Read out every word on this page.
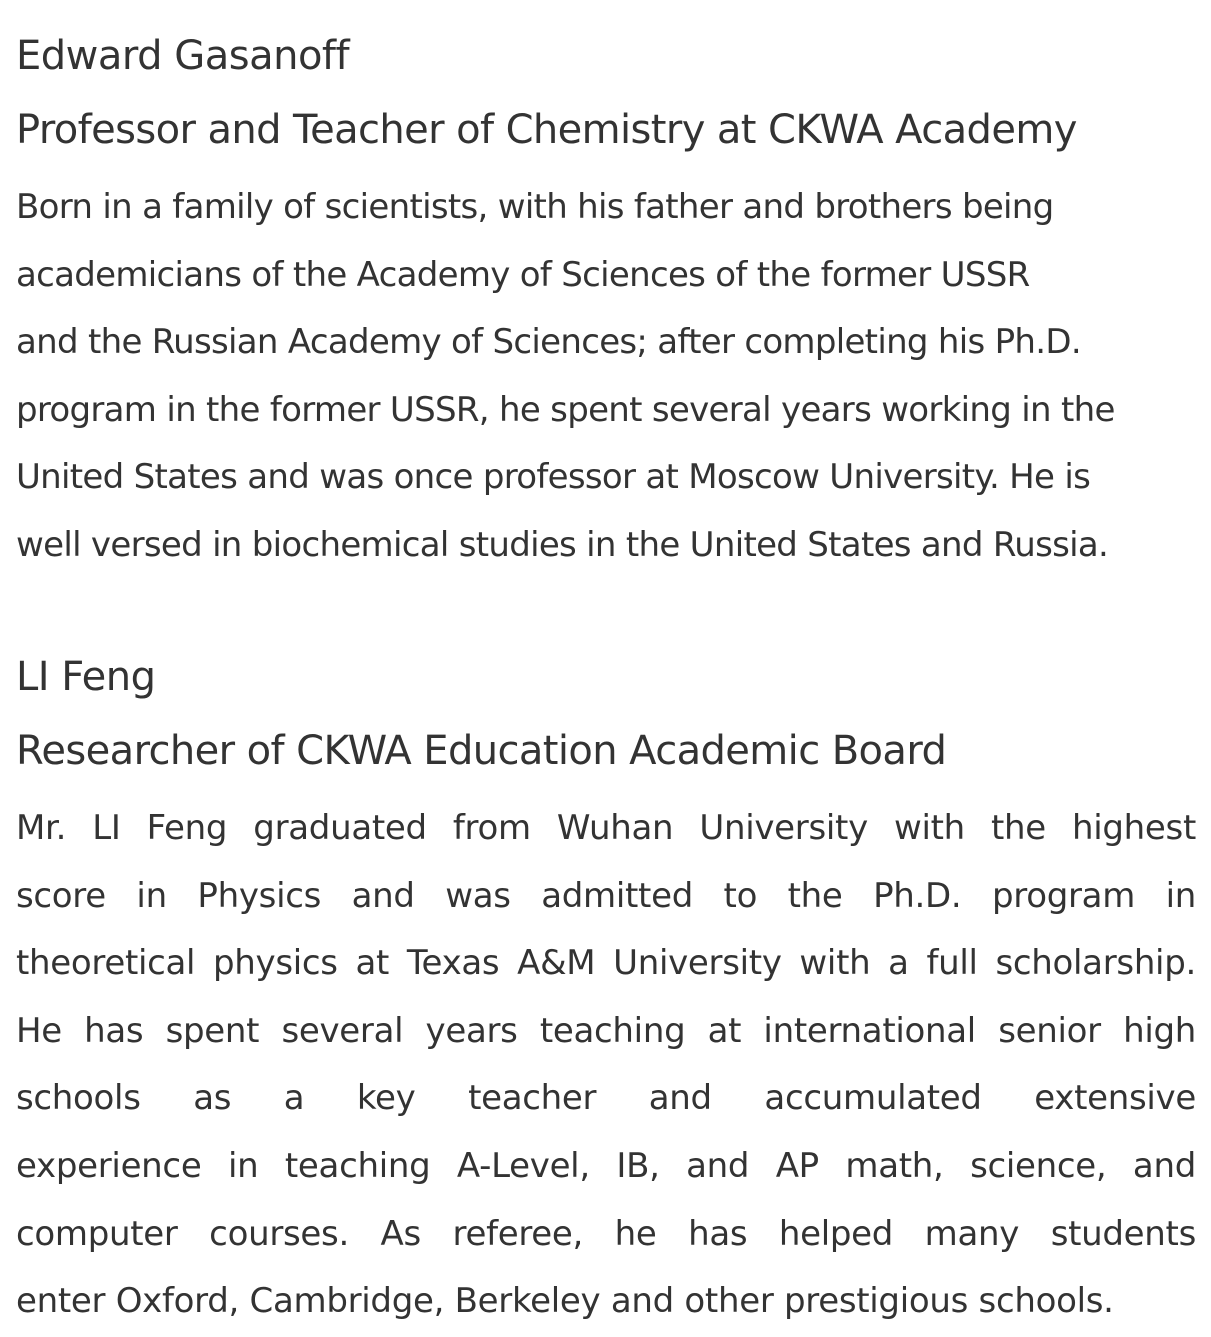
Edward Gasanoff
Professor and Teacher of Chemistry at CKWA Academy
Born in a family of scientists, with his father and brothers being
academicians of the Academy of Sciences of the former USSR
and the Russian Academy of Sciences; after completing his Ph.D.
program in the former USSR, he spent several years working in the
United States and was once professor at Moscow University. He is
well versed in biochemical studies in the United States and Russia.
LI Feng
Researcher of CKWA Education Academic Board
Mr. LI Feng graduated from Wuhan University with the highest
score in Physics and was admitted to the Ph.D. program in
theoretical physics at Texas A&M University with a full scholarship.
He has spent several years teaching at international senior high
schools as a key teacher and accumulated extensive
experience in teaching A-Level, IB, and AP math, science, and
computer courses. As referee, he has helped many students
enter Oxford, Cambridge, Berkeley and other prestigious schools.
